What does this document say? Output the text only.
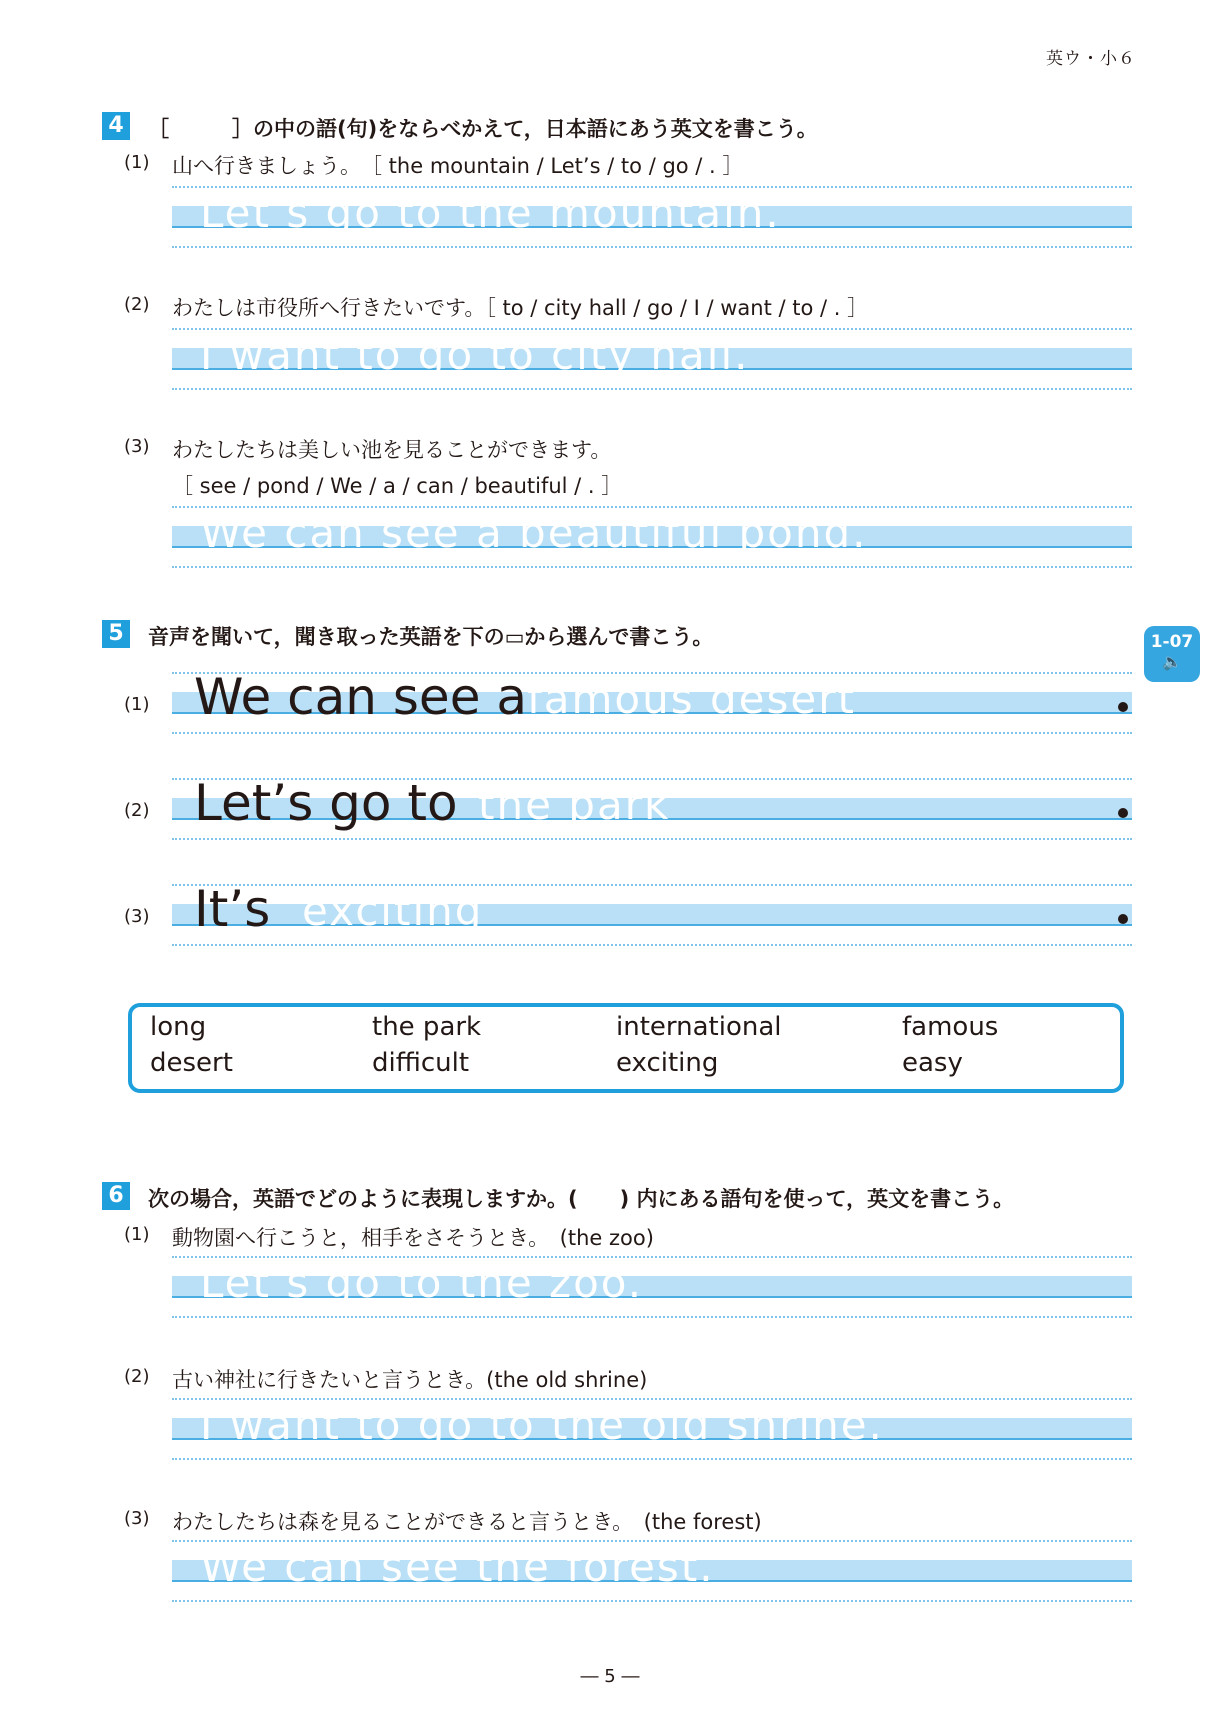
英ウ・小６
4	［　　　］の中の語(句)をならべかえて，日本語にあう英文を書こう。
(1) 山へ行きましょう。　［ the mountain / Let’s / to / go / . ］
Let’s go to the mountain.
(2) わたしは市役所へ行きたいです。［ to / city hall / go / I / want / to / . ］
I want to go to city hall.
(3) わたしたちは美しい池を見ることができます。
［ see / pond / We / a / can / beautiful / . ］
We can see a beautiful pond.
5	音声を聞いて，聞き取った英語を下の▭から選んで書こう。	1-07
🔈
(1) We can see a famous desert
(2) Let’s go to the park
(3) It’s exciting
long	the park	international	famous
desert	difficult	exciting	easy
6	次の場合，英語でどのように表現しますか。(　　) 内にある語句を使って，英文を書こう。
(1) 動物園へ行こうと，相手をさそうとき。　(the zoo)
Let’s go to the zoo.
(2) 古い神社に行きたいと言うとき。(the old shrine)
I want to go to the old shrine.
(3) わたしたちは森を見ることができると言うとき。　(the forest)
We can see the forest.
― 5 ―
